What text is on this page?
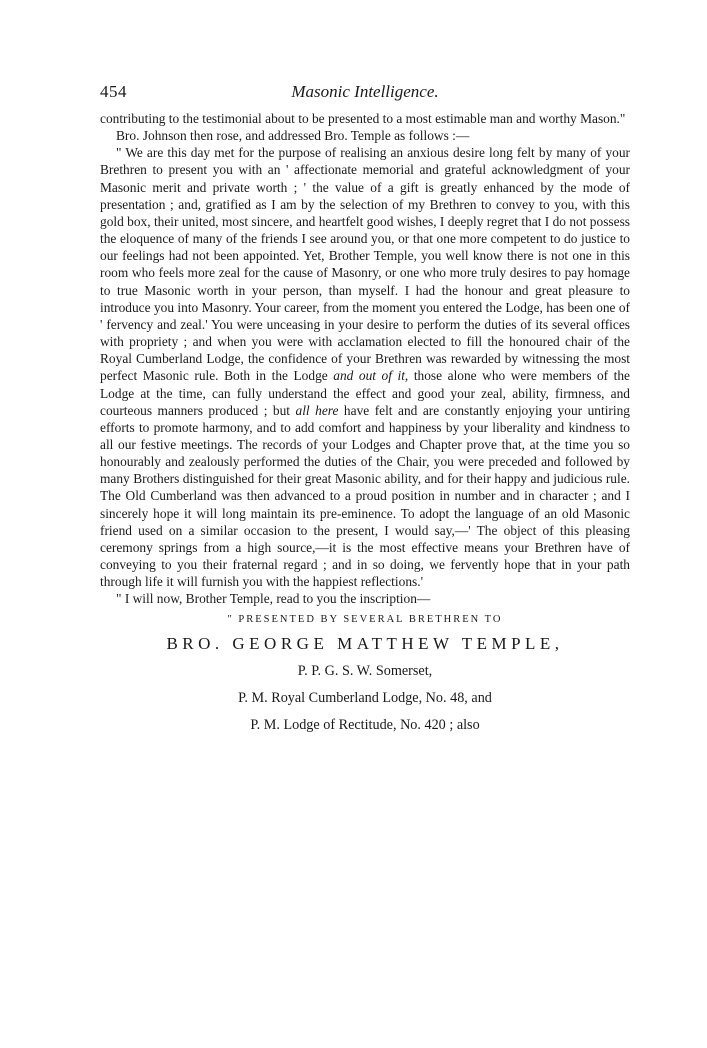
454	Masonic Intelligence.

contributing to the testimonial about to be presented to a most estimable man and worthy Mason."

Bro. Johnson then rose, and addressed Bro. Temple as follows :—

" We are this day met for the purpose of realising an anxious desire long felt by many of your Brethren to present you with an ' affectionate memorial and grateful acknowledgment of your Masonic merit and private worth ; ' the value of a gift is greatly enhanced by the mode of presentation ; and, gratified as I am by the selection of my Brethren to convey to you, with this gold box, their united, most sincere, and heartfelt good wishes, I deeply regret that I do not possess the eloquence of many of the friends I see around you, or that one more competent to do justice to our feelings had not been appointed. Yet, Brother Temple, you well know there is not one in this room who feels more zeal for the cause of Masonry, or one who more truly desires to pay homage to true Masonic worth in your person, than myself. I had the honour and great pleasure to introduce you into Masonry. Your career, from the moment you entered the Lodge, has been one of ' fervency and zeal.' You were unceasing in your desire to perform the duties of its several offices with propriety ; and when you were with acclamation elected to fill the honoured chair of the Royal Cumberland Lodge, the confidence of your Brethren was rewarded by witnessing the most perfect Masonic rule. Both in the Lodge and out of it, those alone who were members of the Lodge at the time, can fully understand the effect and good your zeal, ability, firmness, and courteous manners produced ; but all here have felt and are constantly enjoying your untiring efforts to promote harmony, and to add comfort and happiness by your liberality and kindness to all our festive meetings. The records of your Lodges and Chapter prove that, at the time you so honourably and zealously performed the duties of the Chair, you were preceded and followed by many Brothers distinguished for their great Masonic ability, and for their happy and judicious rule. The Old Cumberland was then advanced to a proud position in number and in character ; and I sincerely hope it will long maintain its pre-eminence. To adopt the language of an old Masonic friend used on a similar occasion to the present, I would say,—' The object of this pleasing ceremony springs from a high source,—it is the most effective means your Brethren have of conveying to you their fraternal regard ; and in so doing, we fervently hope that in your path through life it will furnish you with the happiest reflections.'

" I will now, Brother Temple, read to you the inscription—

" PRESENTED BY SEVERAL BRETHREN TO
BRO. GEORGE MATTHEW TEMPLE,
P. P. G. S. W. Somerset,
P. M. Royal Cumberland Lodge, No. 48, and
P. M. Lodge of Rectitude, No. 420 ; also
